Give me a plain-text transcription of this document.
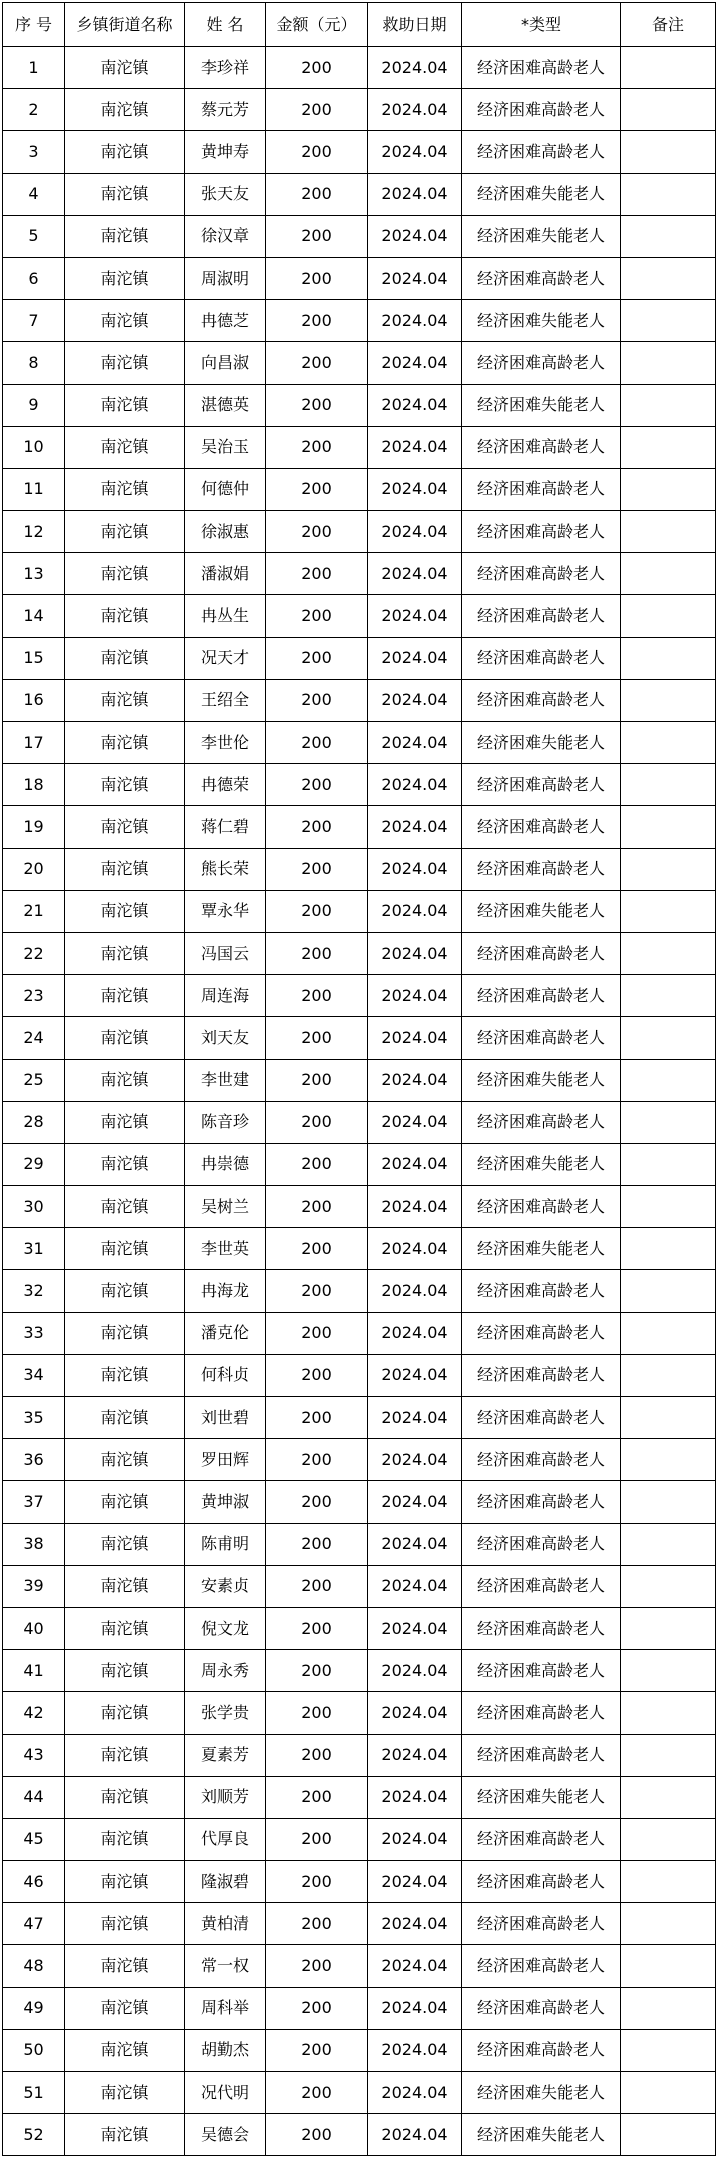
序 号	乡镇街道名称	姓 名	金额（元）	救助日期	*类型	备注
1	南沱镇	李珍祥	200	2024.04	经济困难高龄老人	
2	南沱镇	蔡元芳	200	2024.04	经济困难高龄老人	
3	南沱镇	黄坤寿	200	2024.04	经济困难高龄老人	
4	南沱镇	张天友	200	2024.04	经济困难失能老人	
5	南沱镇	徐汉章	200	2024.04	经济困难失能老人	
6	南沱镇	周淑明	200	2024.04	经济困难高龄老人	
7	南沱镇	冉德芝	200	2024.04	经济困难失能老人	
8	南沱镇	向昌淑	200	2024.04	经济困难高龄老人	
9	南沱镇	湛德英	200	2024.04	经济困难失能老人	
10	南沱镇	吴治玉	200	2024.04	经济困难高龄老人	
11	南沱镇	何德仲	200	2024.04	经济困难高龄老人	
12	南沱镇	徐淑惠	200	2024.04	经济困难高龄老人	
13	南沱镇	潘淑娟	200	2024.04	经济困难高龄老人	
14	南沱镇	冉丛生	200	2024.04	经济困难高龄老人	
15	南沱镇	况天才	200	2024.04	经济困难高龄老人	
16	南沱镇	王绍全	200	2024.04	经济困难高龄老人	
17	南沱镇	李世伦	200	2024.04	经济困难失能老人	
18	南沱镇	冉德荣	200	2024.04	经济困难高龄老人	
19	南沱镇	蒋仁碧	200	2024.04	经济困难高龄老人	
20	南沱镇	熊长荣	200	2024.04	经济困难高龄老人	
21	南沱镇	覃永华	200	2024.04	经济困难失能老人	
22	南沱镇	冯国云	200	2024.04	经济困难高龄老人	
23	南沱镇	周连海	200	2024.04	经济困难高龄老人	
24	南沱镇	刘天友	200	2024.04	经济困难高龄老人	
25	南沱镇	李世建	200	2024.04	经济困难失能老人	
28	南沱镇	陈音珍	200	2024.04	经济困难高龄老人	
29	南沱镇	冉崇德	200	2024.04	经济困难失能老人	
30	南沱镇	吴树兰	200	2024.04	经济困难高龄老人	
31	南沱镇	李世英	200	2024.04	经济困难失能老人	
32	南沱镇	冉海龙	200	2024.04	经济困难高龄老人	
33	南沱镇	潘克伦	200	2024.04	经济困难高龄老人	
34	南沱镇	何科贞	200	2024.04	经济困难高龄老人	
35	南沱镇	刘世碧	200	2024.04	经济困难高龄老人	
36	南沱镇	罗田辉	200	2024.04	经济困难高龄老人	
37	南沱镇	黄坤淑	200	2024.04	经济困难高龄老人	
38	南沱镇	陈甫明	200	2024.04	经济困难高龄老人	
39	南沱镇	安素贞	200	2024.04	经济困难高龄老人	
40	南沱镇	倪文龙	200	2024.04	经济困难高龄老人	
41	南沱镇	周永秀	200	2024.04	经济困难高龄老人	
42	南沱镇	张学贵	200	2024.04	经济困难高龄老人	
43	南沱镇	夏素芳	200	2024.04	经济困难高龄老人	
44	南沱镇	刘顺芳	200	2024.04	经济困难失能老人	
45	南沱镇	代厚良	200	2024.04	经济困难高龄老人	
46	南沱镇	隆淑碧	200	2024.04	经济困难高龄老人	
47	南沱镇	黄柏清	200	2024.04	经济困难高龄老人	
48	南沱镇	常一权	200	2024.04	经济困难高龄老人	
49	南沱镇	周科举	200	2024.04	经济困难高龄老人	
50	南沱镇	胡勤杰	200	2024.04	经济困难高龄老人	
51	南沱镇	况代明	200	2024.04	经济困难失能老人	
52	南沱镇	吴德会	200	2024.04	经济困难失能老人	
